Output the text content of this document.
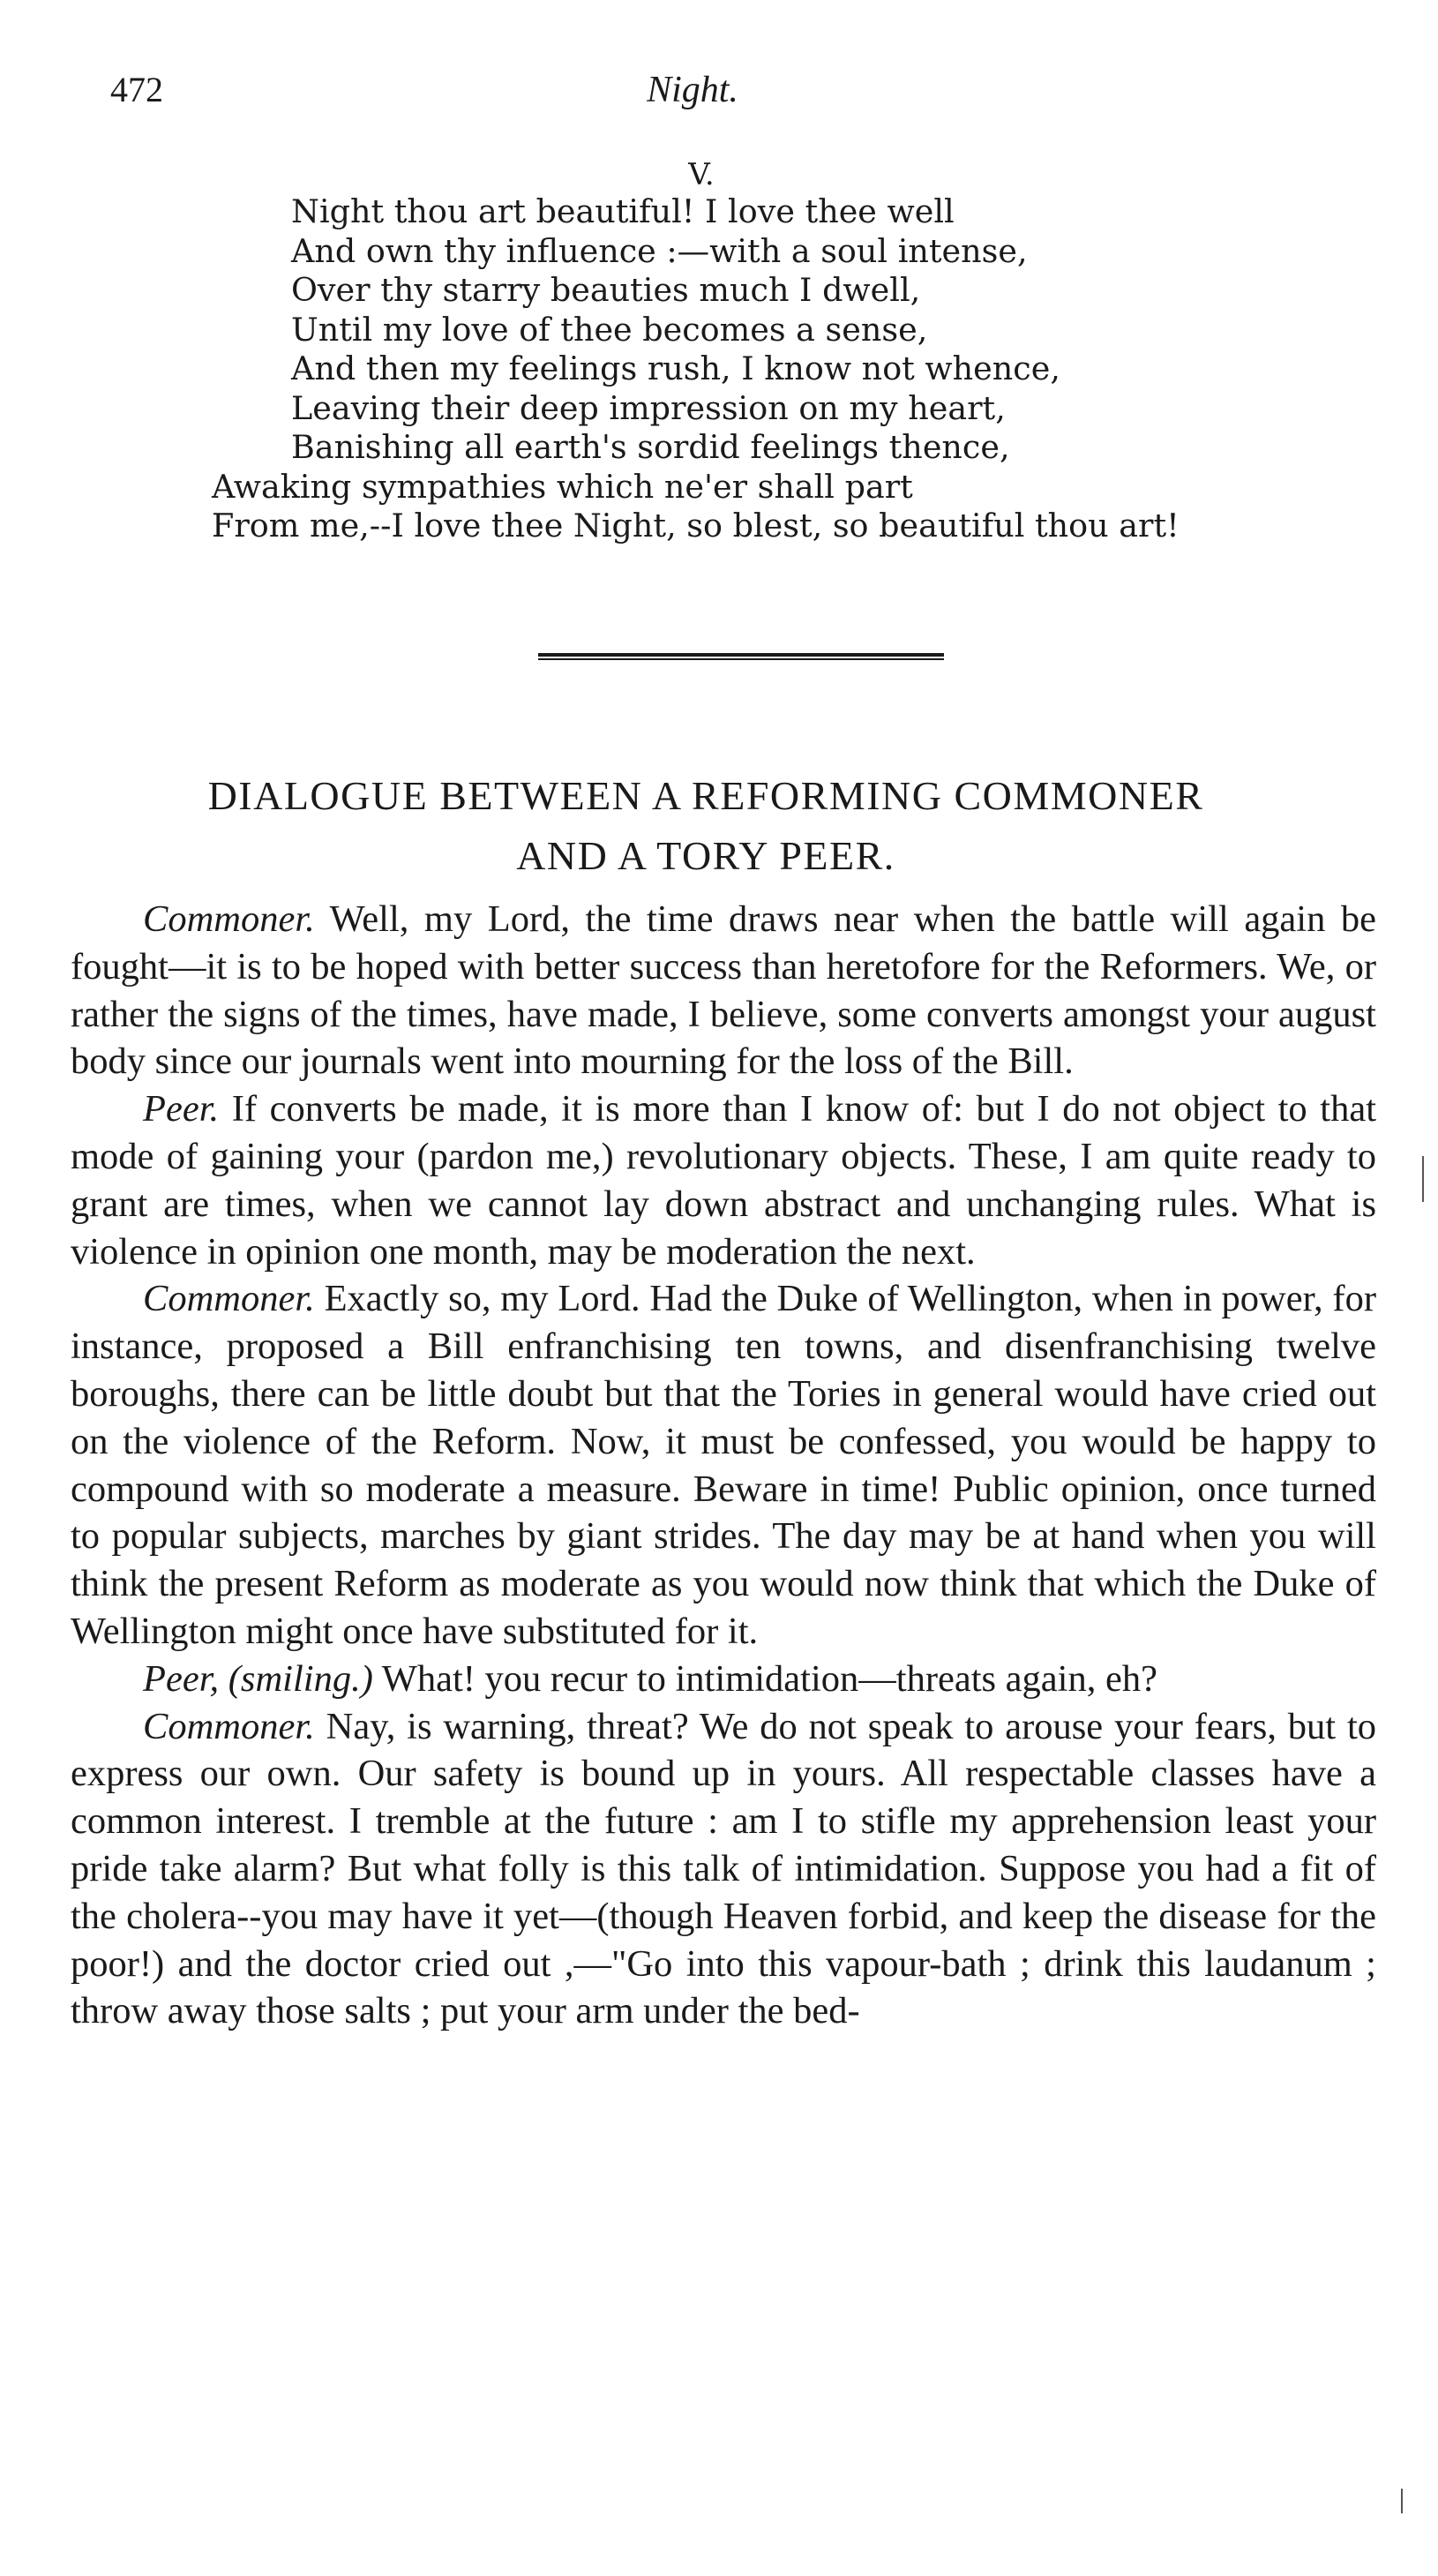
472	Night.
V.
Night thou art beautiful! I love thee well
And own thy influence :—with a soul intense,
Over thy starry beauties much I dwell,
Until my love of thee becomes a sense,
And then my feelings rush, I know not whence,
Leaving their deep impression on my heart,
Banishing all earth's sordid feelings thence,
Awaking sympathies which ne'er shall part
From me,--I love thee Night, so blest, so beautiful thou art!
DIALOGUE BETWEEN A REFORMING COMMONER
AND A TORY PEER.

Commoner. Well, my Lord, the time draws near when the battle will again be fought—it is to be hoped with better success than heretofore for the Reformers. We, or rather the signs of the times, have made, I believe, some converts amongst your august body since our journals went into mourning for the loss of the Bill.

Peer. If converts be made, it is more than I know of: but I do not object to that mode of gaining your (pardon me,) revolutionary objects. These, I am quite ready to grant are times, when we cannot lay down abstract and unchanging rules. What is violence in opinion one month, may be moderation the next.

Commoner. Exactly so, my Lord. Had the Duke of Wellington, when in power, for instance, proposed a Bill enfranchising ten towns, and disenfranchising twelve boroughs, there can be little doubt but that the Tories in general would have cried out on the violence of the Reform. Now, it must be confessed, you would be happy to compound with so moderate a measure. Beware in time! Public opinion, once turned to popular subjects, marches by giant strides. The day may be at hand when you will think the present Reform as moderate as you would now think that which the Duke of Wellington might once have substituted for it.

Peer, (smiling.) What! you recur to intimidation—threats again, eh?

Commoner. Nay, is warning, threat? We do not speak to arouse your fears, but to express our own. Our safety is bound up in yours. All respectable classes have a common interest. I tremble at the future : am I to stifle my apprehension least your pride take alarm? But what folly is this talk of intimidation. Suppose you had a fit of the cholera--you may have it yet—(though Heaven forbid, and keep the disease for the poor!) and the doctor cried out ,—"Go into this vapour-bath ; drink this laudanum ; throw away those salts ; put your arm under the bed-
